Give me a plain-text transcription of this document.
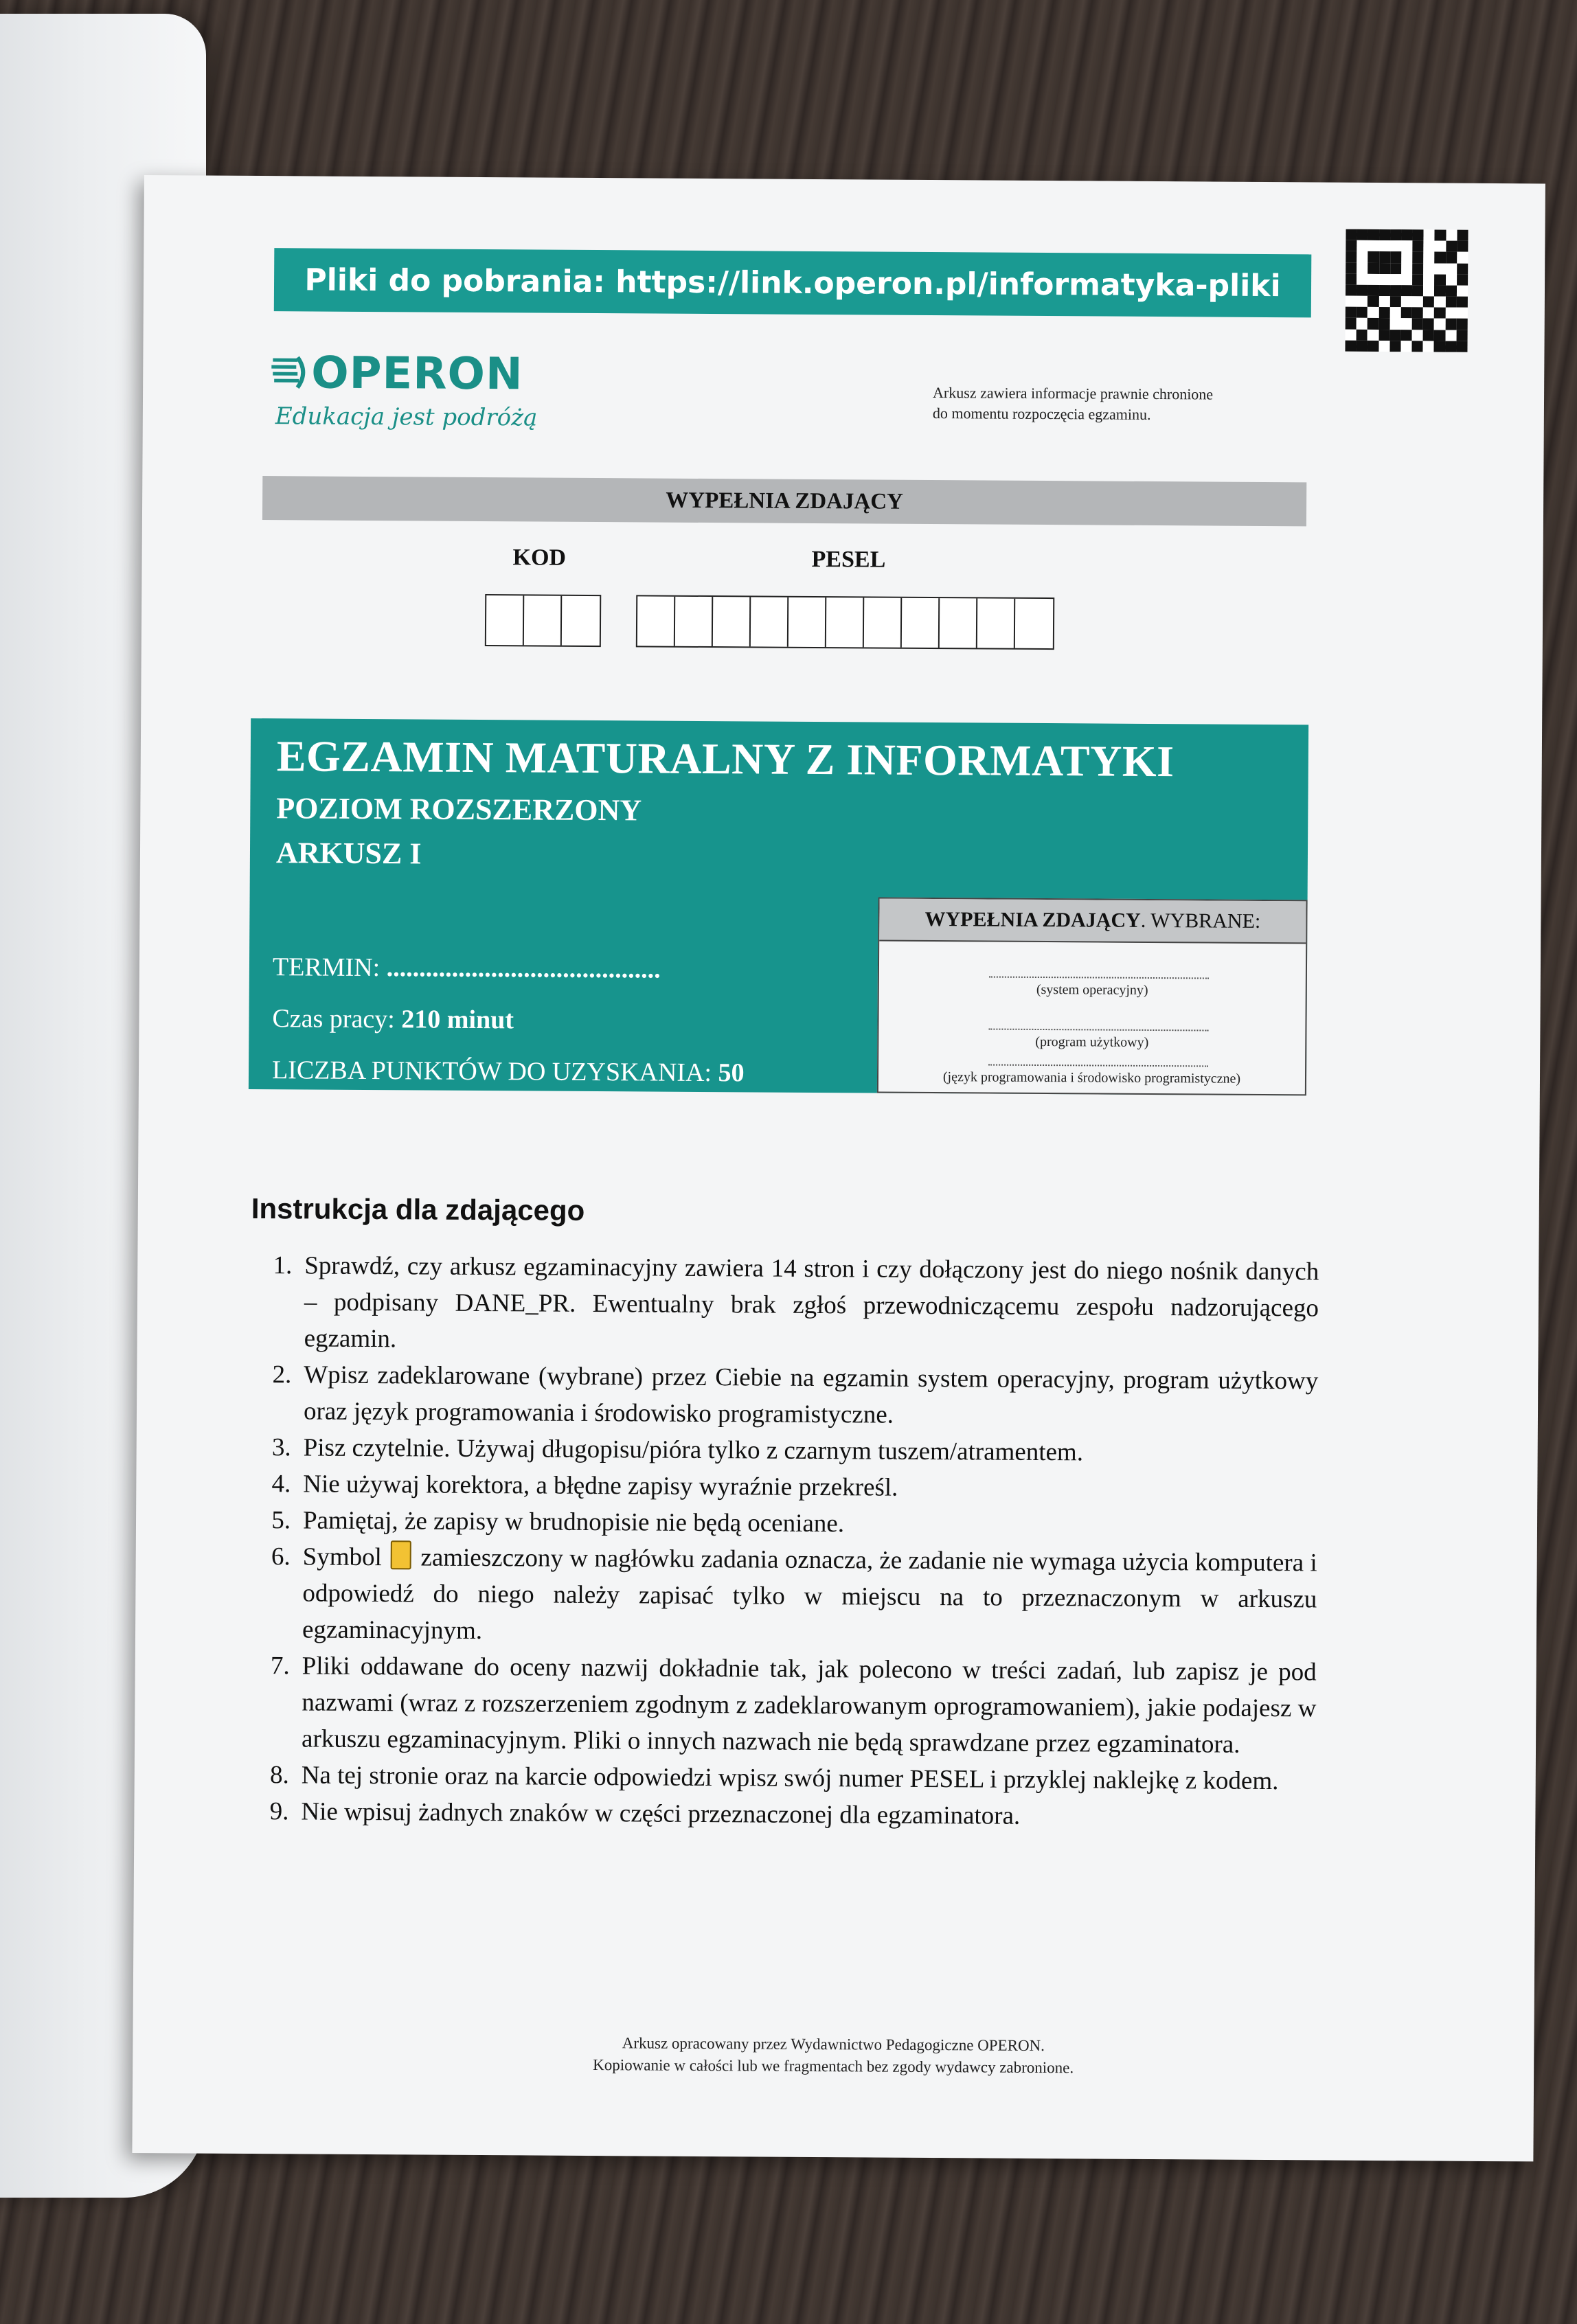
Pliki do pobrania: https://link.operon.pl/informatyka-pliki
OPERON
Edukacja jest podróżą
Arkusz zawiera informacje prawnie chronione
do momentu rozpoczęcia egzaminu.
WYPEŁNIA ZDAJĄCY
KOD	PESEL
EGZAMIN MATURALNY Z INFORMATYKI
POZIOM ROZSZERZONY
ARKUSZ I
TERMIN: ..........................................
Czas pracy: 210 minut
LICZBA PUNKTÓW DO UZYSKANIA: 50
WYPEŁNIA ZDAJĄCY . WYBRANE:
(system operacyjny)
(program użytkowy)
(język programowania i środowisko programistyczne)
Instrukcja dla zdającego
1. Sprawdź, czy arkusz egzaminacyjny zawiera 14 stron i czy dołączony jest do niego nośnik danych – podpisany DANE_PR. Ewentualny brak zgłoś przewodniczącemu zespołu nadzorującego egzamin.
2. Wpisz zadeklarowane (wybrane) przez Ciebie na egzamin system operacyjny, program użytkowy oraz język programowania i środowisko programistyczne.
3. Pisz czytelnie. Używaj długopisu/pióra tylko z czarnym tuszem/atramentem.
4. Nie używaj korektora, a błędne zapisy wyraźnie przekreśl.
5. Pamiętaj, że zapisy w brudnopisie nie będą oceniane.
6. Symbol zamieszczony w nagłówku zadania oznacza, że zadanie nie wymaga użycia komputera i odpowiedź do niego należy zapisać tylko w miejscu na to przeznaczonym w arkuszu egzaminacyjnym.
7. Pliki oddawane do oceny nazwij dokładnie tak, jak polecono w treści zadań, lub zapisz je pod nazwami (wraz z rozszerzeniem zgodnym z zadeklarowanym oprogramowaniem), jakie podajesz w arkuszu egzaminacyjnym. Pliki o innych nazwach nie będą sprawdzane przez egzaminatora.
8. Na tej stronie oraz na karcie odpowiedzi wpisz swój numer PESEL i przyklej naklejkę z kodem.
9. Nie wpisuj żadnych znaków w części przeznaczonej dla egzaminatora.
Arkusz opracowany przez Wydawnictwo Pedagogiczne OPERON.
Kopiowanie w całości lub we fragmentach bez zgody wydawcy zabronione.
